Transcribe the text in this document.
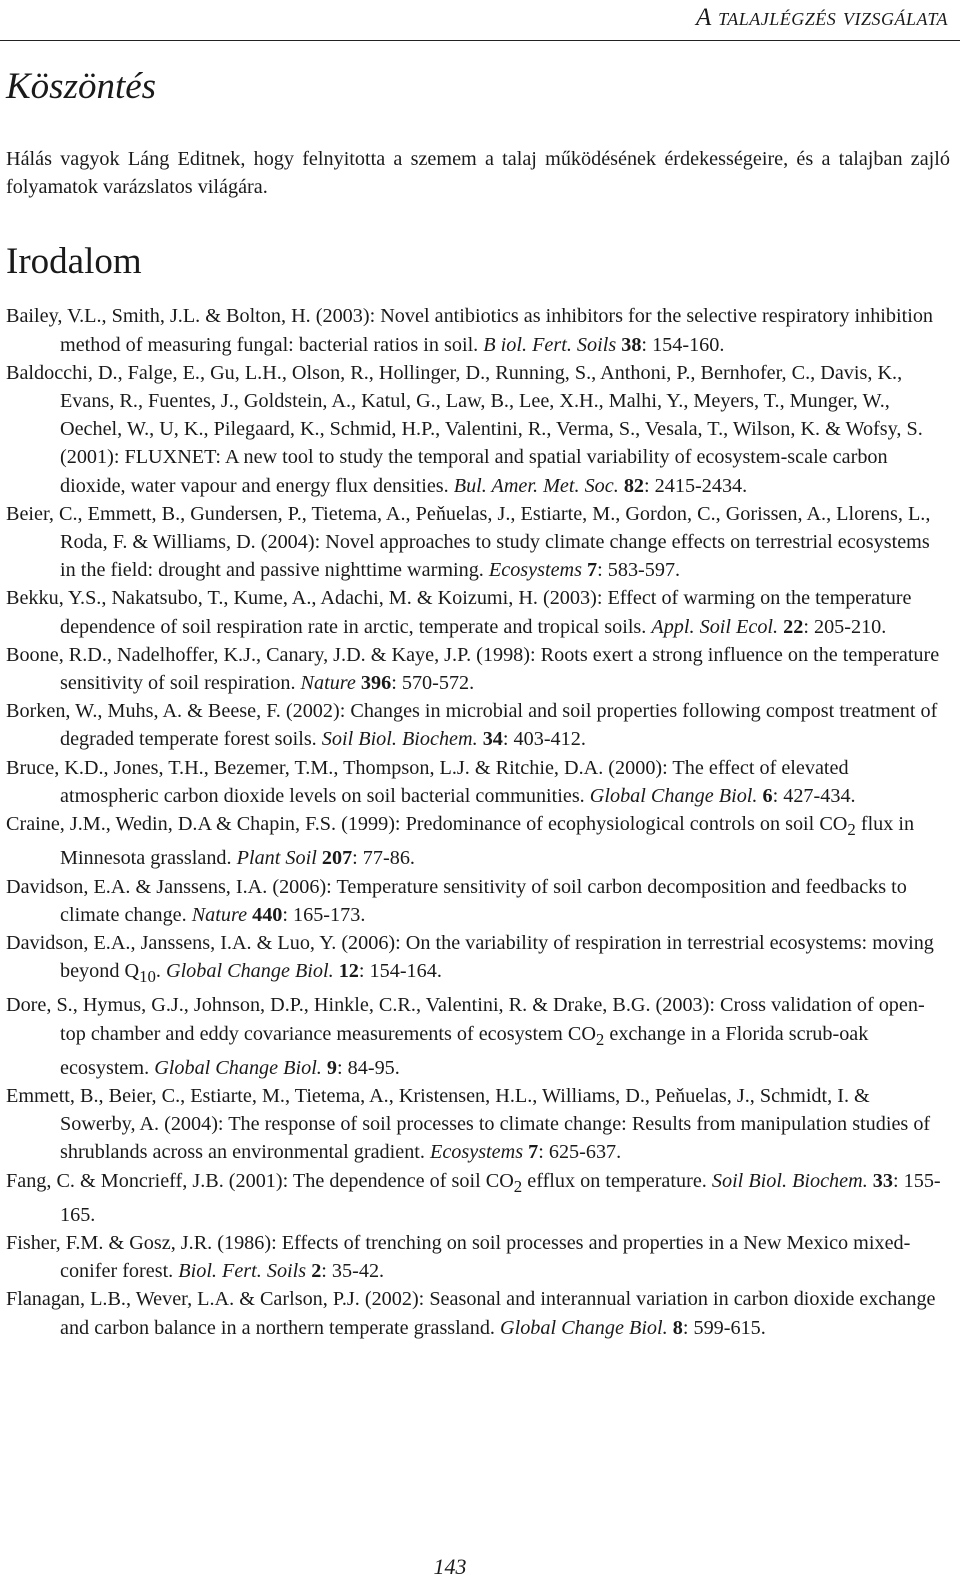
A talajlégzés vizsgálata
Köszöntés

Hálás vagyok Láng Editnek, hogy felnyitotta a szemem a talaj működésének érdekességeire, és a talajban zajló folyamatok varázslatos világára.

Irodalom
Bailey, V.L., Smith, J.L. & Bolton, H. (2003): Novel antibiotics as inhibitors for the selective respiratory inhibition method of measuring fungal: bacterial ratios in soil. B iol. Fert. Soils 38: 154-160.
Baldocchi, D., Falge, E., Gu, L.H., Olson, R., Hollinger, D., Running, S., Anthoni, P., Bernhofer, C., Davis, K., Evans, R., Fuentes, J., Goldstein, A., Katul, G., Law, B., Lee, X.H., Malhi, Y., Meyers, T., Munger, W., Oechel, W., U, K., Pilegaard, K., Schmid, H.P., Valentini, R., Verma, S., Vesala, T., Wilson, K. & Wofsy, S. (2001): FLUXNET: A new tool to study the temporal and spatial variability of ecosystem-scale carbon dioxide, water vapour and energy flux densities. Bul. Amer. Met. Soc. 82: 2415-2434.
Beier, C., Emmett, B., Gundersen, P., Tietema, A., Peňuelas, J., Estiarte, M., Gordon, C., Gorissen, A., Llorens, L., Roda, F. & Williams, D. (2004): Novel approaches to study climate change effects on terrestrial ecosystems in the field: drought and passive nighttime warming. Ecosystems 7: 583-597.
Bekku, Y.S., Nakatsubo, T., Kume, A., Adachi, M. & Koizumi, H. (2003): Effect of warming on the temperature dependence of soil respiration rate in arctic, temperate and tropical soils. Appl. Soil Ecol. 22: 205-210.
Boone, R.D., Nadelhoffer, K.J., Canary, J.D. & Kaye, J.P. (1998): Roots exert a strong influence on the temperature sensitivity of soil respiration. Nature 396: 570-572.
Borken, W., Muhs, A. & Beese, F. (2002): Changes in microbial and soil properties following compost treatment of degraded temperate forest soils. Soil Biol. Biochem. 34: 403-412.
Bruce, K.D., Jones, T.H., Bezemer, T.M., Thompson, L.J. & Ritchie, D.A. (2000): The effect of elevated atmospheric carbon dioxide levels on soil bacterial communities. Global Change Biol. 6: 427-434.
Craine, J.M., Wedin, D.A & Chapin, F.S. (1999): Predominance of ecophysiological controls on soil $CO_2$ flux in Minnesota grassland. Plant Soil 207: 77-86.
Davidson, E.A. & Janssens, I.A. (2006): Temperature sensitivity of soil carbon decomposition and feedbacks to climate change. Nature 440: 165-173.
Davidson, E.A., Janssens, I.A. & Luo, Y. (2006): On the variability of respiration in terrestrial ecosystems: moving beyond $Q_{10}$. Global Change Biol. 12: 154-164.
Dore, S., Hymus, G.J., Johnson, D.P., Hinkle, C.R., Valentini, R. & Drake, B.G. (2003): Cross validation of open-top chamber and eddy covariance measurements of ecosystem $CO_2$ exchange in a Florida scrub-oak ecosystem. Global Change Biol. 9: 84-95.
Emmett, B., Beier, C., Estiarte, M., Tietema, A., Kristensen, H.L., Williams, D., Peňuelas, J., Schmidt, I. & Sowerby, A. (2004): The response of soil processes to climate change: Results from manipulation studies of shrublands across an environmental gradient. Ecosystems 7: 625-637.
Fang, C. & Moncrieff, J.B. (2001): The dependence of soil $CO_2$ efflux on temperature. Soil Biol. Biochem. 33: 155-165.
Fisher, F.M. & Gosz, J.R. (1986): Effects of trenching on soil processes and properties in a New Mexico mixed-conifer forest. Biol. Fert. Soils 2: 35-42.
Flanagan, L.B., Wever, L.A. & Carlson, P.J. (2002): Seasonal and interannual variation in carbon dioxide exchange and carbon balance in a northern temperate grassland. Global Change Biol. 8: 599-615.
143
